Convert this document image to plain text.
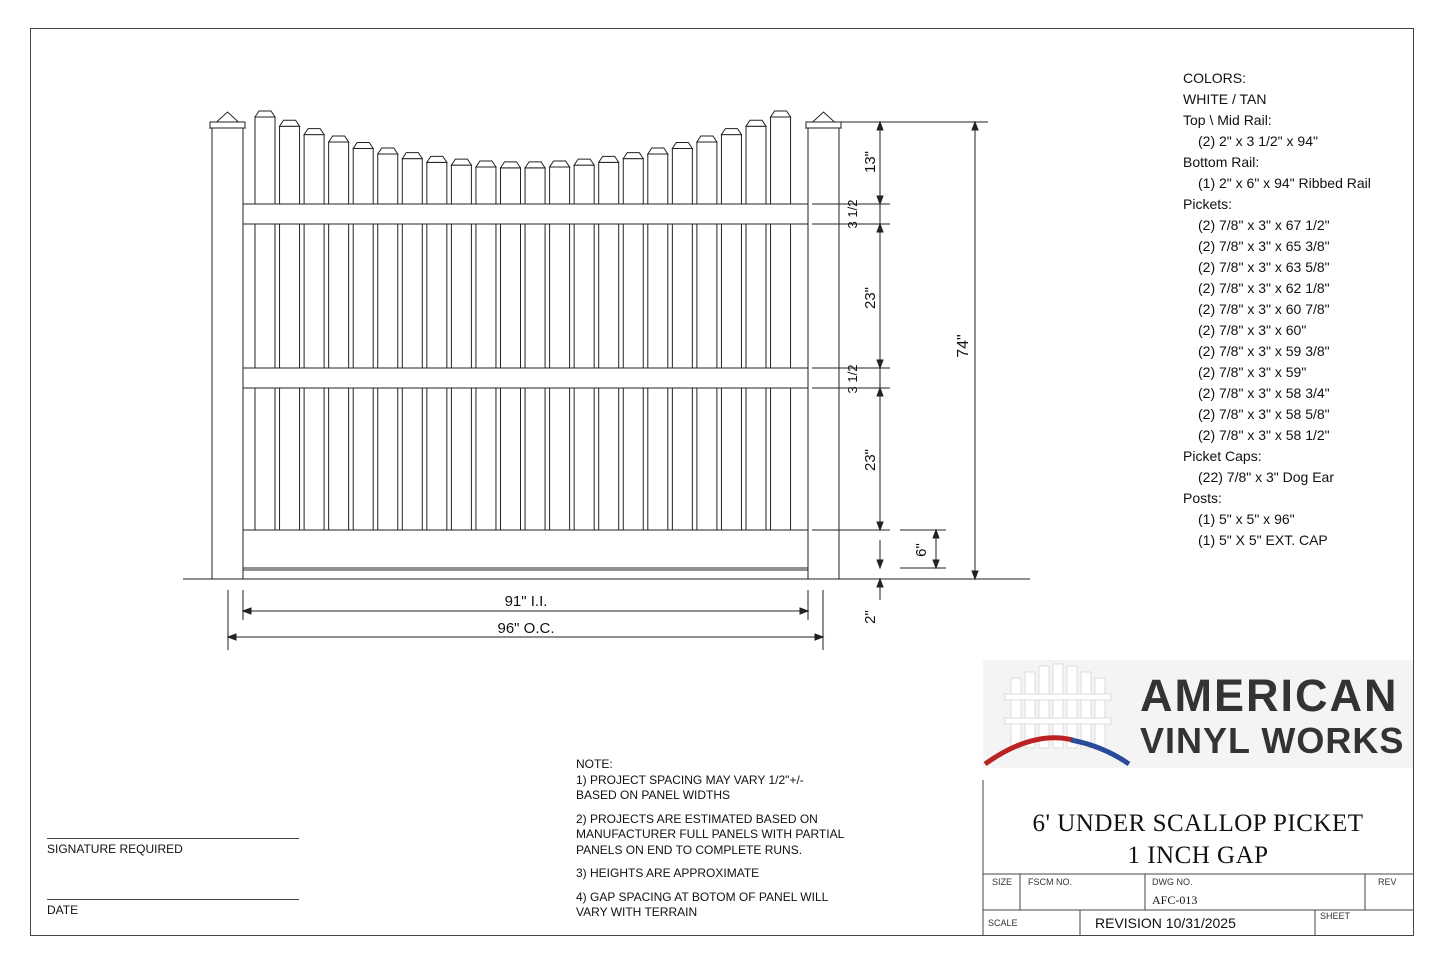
13"
3 1/2
23"
3 1/2
23"
6"
2"
74"
91" I.I.
96" O.C.
COLORS:
WHITE / TAN
Top \ Mid Rail:
(2) 2" x 3 1/2" x 94"
Bottom Rail:
(1) 2" x 6" x 94" Ribbed Rail
Pickets:
(2) 7/8" x 3" x 67 1/2"
(2) 7/8" x 3" x 65 3/8"
(2) 7/8" x 3" x 63 5/8"
(2) 7/8" x 3" x 62 1/8"
(2) 7/8" x 3" x 60 7/8"
(2) 7/8" x 3" x 60"
(2) 7/8" x 3" x 59 3/8"
(2) 7/8" x 3" x 59"
(2) 7/8" x 3" x 58 3/4"
(2) 7/8" x 3" x 58 5/8"
(2) 7/8" x 3" x 58 1/2"
Picket Caps:
(22) 7/8" x 3" Dog Ear
Posts:
(1) 5" x 5" x 96"
(1) 5" X 5" EXT. CAP
NOTE:
1) PROJECT SPACING MAY VARY 1/2"+/-
BASED ON PANEL WIDTHS
2) PROJECTS ARE ESTIMATED BASED ON
MANUFACTURER FULL PANELS WITH PARTIAL
PANELS ON END TO COMPLETE RUNS.
3) HEIGHTS ARE APPROXIMATE
4) GAP SPACING AT BOTOM OF PANEL WILL
VARY WITH TERRAIN
SIGNATURE REQUIRED
DATE
AMERICAN
VINYL WORKS
6' UNDER SCALLOP PICKET
1 INCH GAP
SIZE FSCM NO.	DWG NO.
AFC-013
REV
SCALE	REVISION 10/31/2025	SHEET
